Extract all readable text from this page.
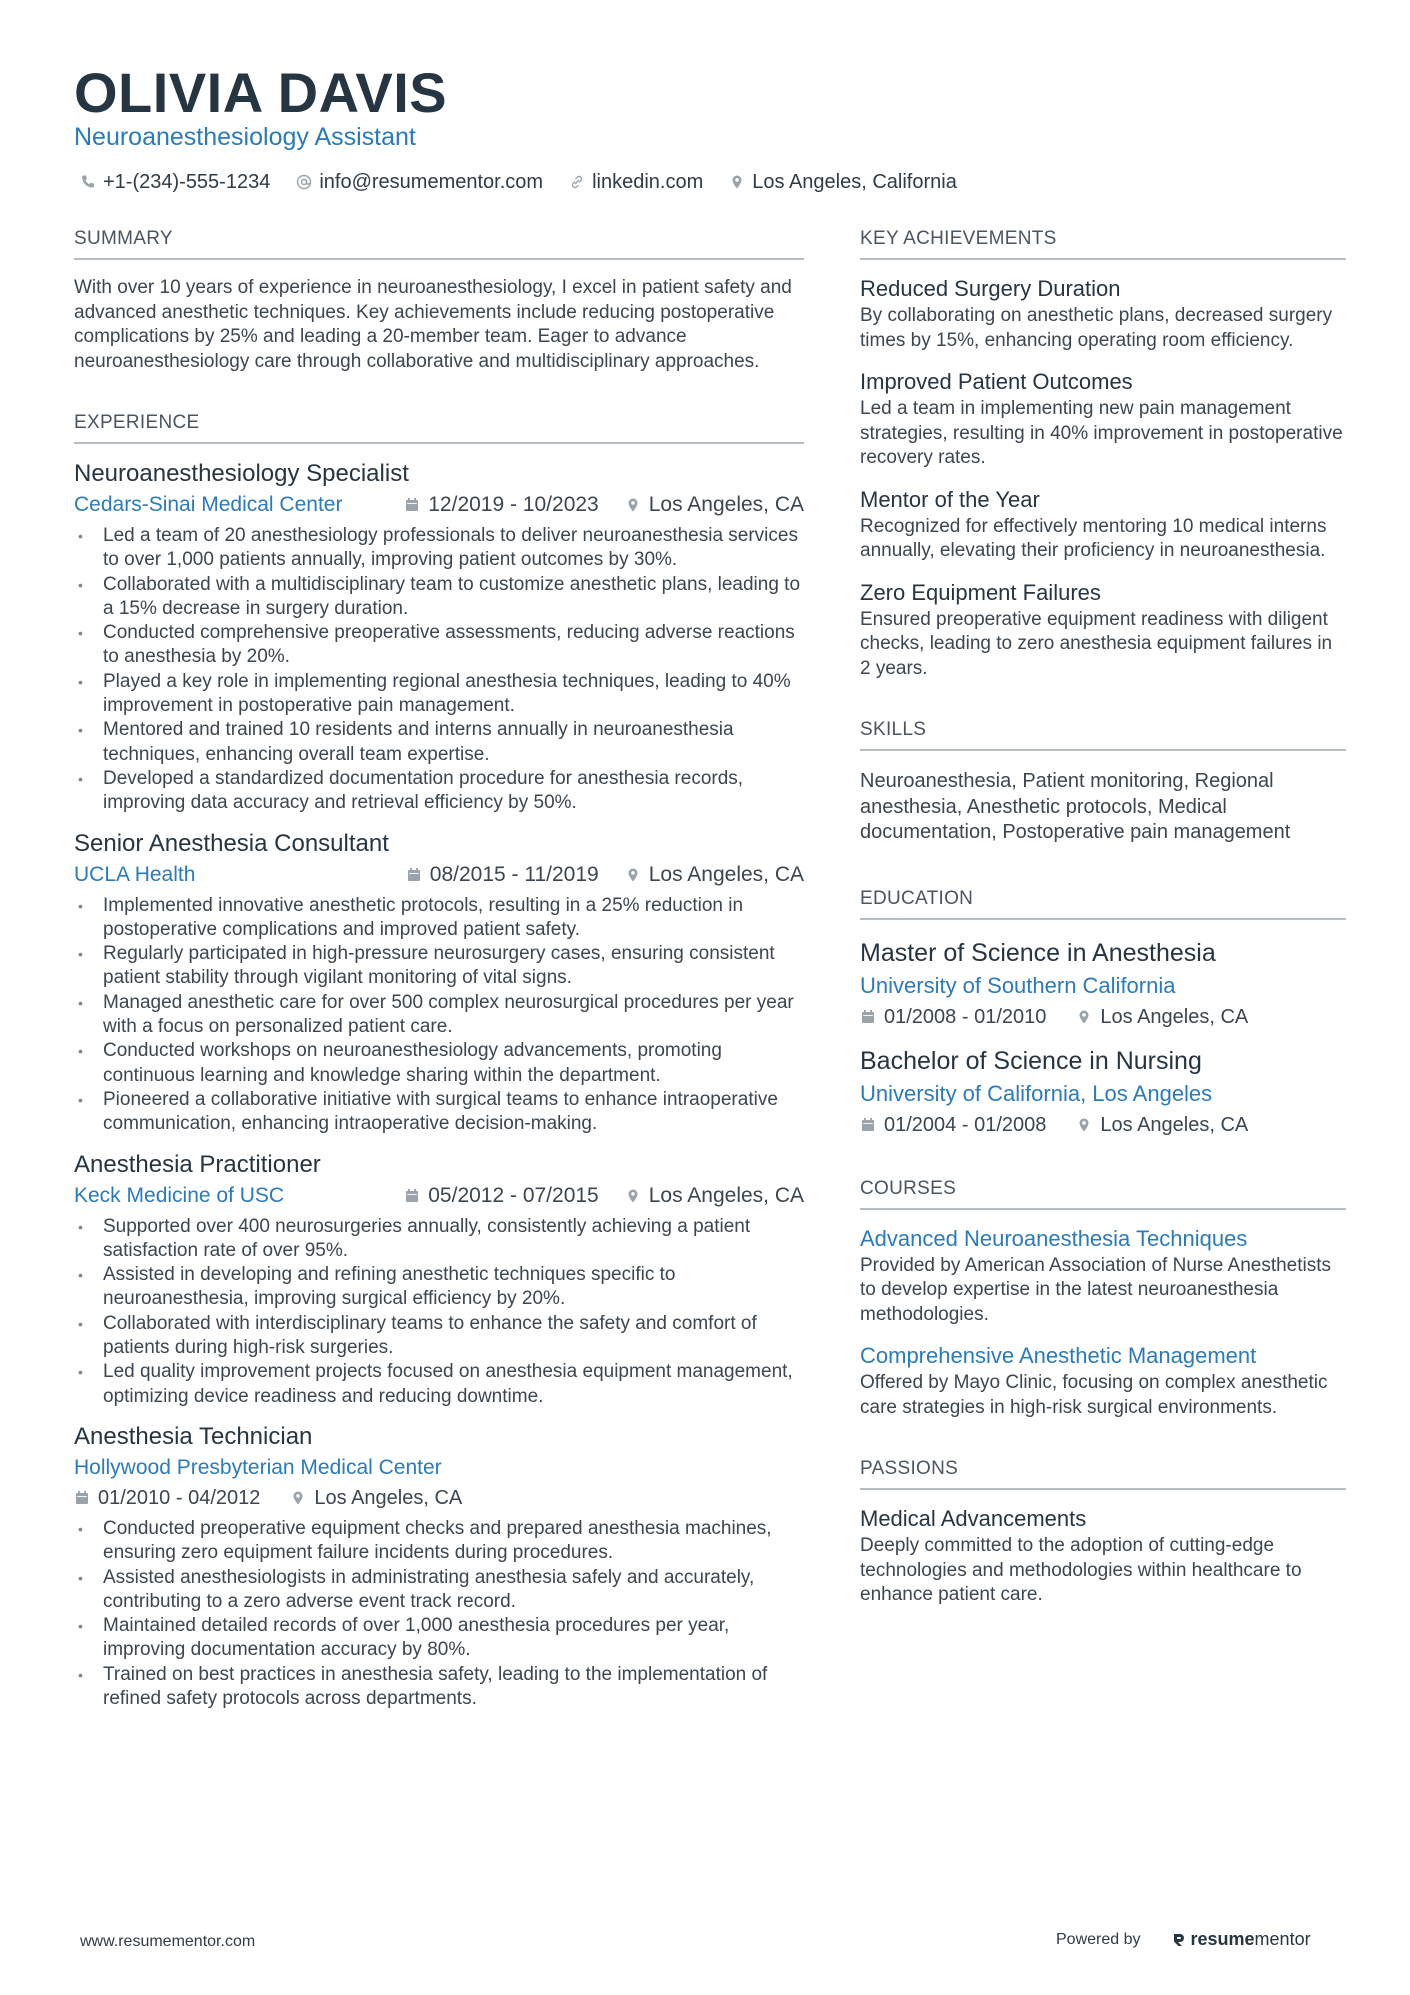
OLIVIA DAVIS
Neuroanesthesiology Assistant
+1-(234)-555-1234 info@resumementor.com linkedin.com Los Angeles, California
SUMMARY
With over 10 years of experience in neuroanesthesiology, I excel in patient safety and advanced anesthetic techniques. Key achievements include reducing postoperative complications by 25% and leading a 20-member team. Eager to advance neuroanesthesiology care through collaborative and multidisciplinary approaches.
EXPERIENCE
Neuroanesthesiology Specialist
Cedars-Sinai Medical Center	12/2019 - 10/2023 Los Angeles, CA
• Led a team of 20 anesthesiology professionals to deliver neuroanesthesia services to over 1,000 patients annually, improving patient outcomes by 30%.
• Collaborated with a multidisciplinary team to customize anesthetic plans, leading to a 15% decrease in surgery duration.
• Conducted comprehensive preoperative assessments, reducing adverse reactions to anesthesia by 20%.
• Played a key role in implementing regional anesthesia techniques, leading to 40% improvement in postoperative pain management.
• Mentored and trained 10 residents and interns annually in neuroanesthesia techniques, enhancing overall team expertise.
• Developed a standardized documentation procedure for anesthesia records, improving data accuracy and retrieval efficiency by 50%.
Senior Anesthesia Consultant
UCLA Health	08/2015 - 11/2019 Los Angeles, CA
• Implemented innovative anesthetic protocols, resulting in a 25% reduction in postoperative complications and improved patient safety.
• Regularly participated in high-pressure neurosurgery cases, ensuring consistent patient stability through vigilant monitoring of vital signs.
• Managed anesthetic care for over 500 complex neurosurgical procedures per year with a focus on personalized patient care.
• Conducted workshops on neuroanesthesiology advancements, promoting continuous learning and knowledge sharing within the department.
• Pioneered a collaborative initiative with surgical teams to enhance intraoperative communication, enhancing intraoperative decision-making.
Anesthesia Practitioner
Keck Medicine of USC	05/2012 - 07/2015 Los Angeles, CA
• Supported over 400 neurosurgeries annually, consistently achieving a patient satisfaction rate of over 95%.
• Assisted in developing and refining anesthetic techniques specific to neuroanesthesia, improving surgical efficiency by 20%.
• Collaborated with interdisciplinary teams to enhance the safety and comfort of patients during high-risk surgeries.
• Led quality improvement projects focused on anesthesia equipment management, optimizing device readiness and reducing downtime.
Anesthesia Technician
Hollywood Presbyterian Medical Center
01/2010 - 04/2012	Los Angeles, CA
• Conducted preoperative equipment checks and prepared anesthesia machines, ensuring zero equipment failure incidents during procedures.
• Assisted anesthesiologists in administrating anesthesia safely and accurately, contributing to a zero adverse event track record.
• Maintained detailed records of over 1,000 anesthesia procedures per year, improving documentation accuracy by 80%.
• Trained on best practices in anesthesia safety, leading to the implementation of refined safety protocols across departments.
KEY ACHIEVEMENTS
Reduced Surgery Duration
By collaborating on anesthetic plans, decreased surgery times by 15%, enhancing operating room efficiency.
Improved Patient Outcomes
Led a team in implementing new pain management strategies, resulting in 40% improvement in postoperative recovery rates.
Mentor of the Year
Recognized for effectively mentoring 10 medical interns annually, elevating their proficiency in neuroanesthesia.
Zero Equipment Failures
Ensured preoperative equipment readiness with diligent checks, leading to zero anesthesia equipment failures in 2 years.
SKILLS
Neuroanesthesia, Patient monitoring, Regional anesthesia, Anesthetic protocols, Medical documentation, Postoperative pain management
EDUCATION
Master of Science in Anesthesia
University of Southern California
01/2008 - 01/2010	Los Angeles, CA
Bachelor of Science in Nursing
University of California, Los Angeles
01/2004 - 01/2008	Los Angeles, CA
COURSES
Advanced Neuroanesthesia Techniques
Provided by American Association of Nurse Anesthetists to develop expertise in the latest neuroanesthesia methodologies.
Comprehensive Anesthetic Management
Offered by Mayo Clinic, focusing on complex anesthetic care strategies in high-risk surgical environments.
PASSIONS
Medical Advancements
Deeply committed to the adoption of cutting-edge technologies and methodologies within healthcare to enhance patient care.
www.resumementor.com	Powered by	resumementor
